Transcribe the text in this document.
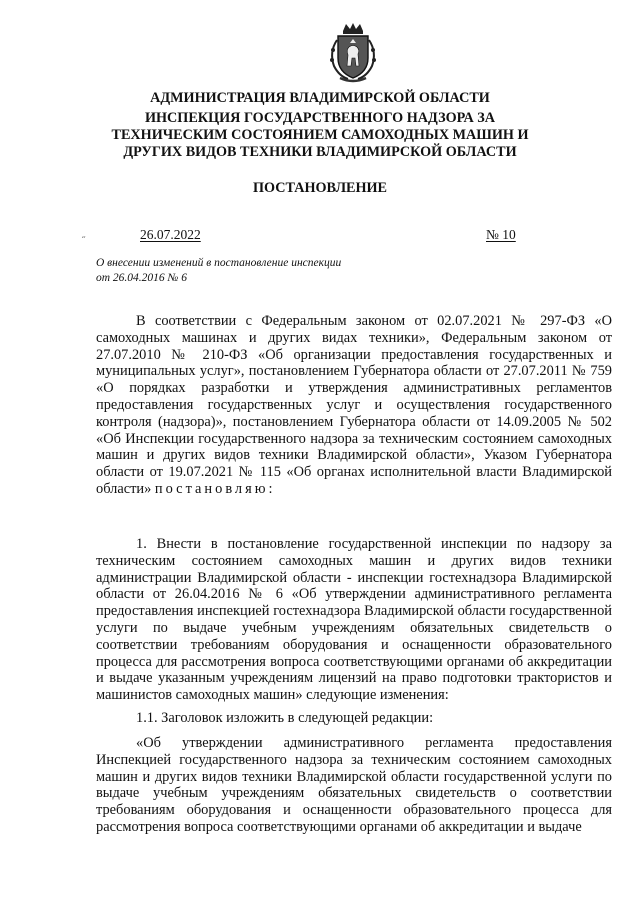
АДМИНИСТРАЦИЯ ВЛАДИМИРСКОЙ ОБЛАСТИ

ИНСПЕКЦИЯ ГОСУДАРСТВЕННОГО НАДЗОРА ЗА ТЕХНИЧЕСКИМ СОСТОЯНИЕМ САМОХОДНЫХ МАШИН И ДРУГИХ ВИДОВ ТЕХНИКИ ВЛАДИМИРСКОЙ ОБЛАСТИ

ПОСТАНОВЛЕНИЕ

˝	26.07.2022	№ 10
О внесении изменений в постановление инспекции от 26.04.2016 № 6

В соответствии с Федеральным законом от 02.07.2021 № 297-ФЗ «О самоходных машинах и других видах техники», Федеральным законом от 27.07.2010 № 210-ФЗ «Об организации предоставления государственных и муниципальных услуг», постановлением Губернатора области от 27.07.2011 № 759 «О порядках разработки и утверждения административных регламентов предоставления государственных услуг и осуществления государственного контроля (надзора)», постановлением Губернатора области от 14.09.2005 № 502 «Об Инспекции государственного надзора за техническим состоянием самоходных машин и других видов техники Владимирской области», Указом Губернатора области от 19.07.2021 № 115 «Об органах исполнительной власти Владимирской области» постановляю:

1. Внести в постановление государственной инспекции по надзору за техническим состоянием самоходных машин и других видов техники администрации Владимирской области - инспекции гостехнадзора Владимирской области от 26.04.2016 № 6 «Об утверждении административного регламента предоставления инспекцией гостехнадзора Владимирской области государственной услуги по выдаче учебным учреждениям обязательных свидетельств о соответствии требованиям оборудования и оснащенности образовательного процесса для рассмотрения вопроса соответствующими органами об аккредитации и выдаче указанным учреждениям лицензий на право подготовки трактористов и машинистов самоходных машин» следующие изменения:

1.1. Заголовок изложить в следующей редакции:

«Об утверждении административного регламента предоставления Инспекцией государственного надзора за техническим состоянием самоходных машин и других видов техники Владимирской области государственной услуги по выдаче учебным учреждениям обязательных свидетельств о соответствии требованиям оборудования и оснащенности образовательного процесса для рассмотрения вопроса соответствующими органами об аккредитации и выдаче
